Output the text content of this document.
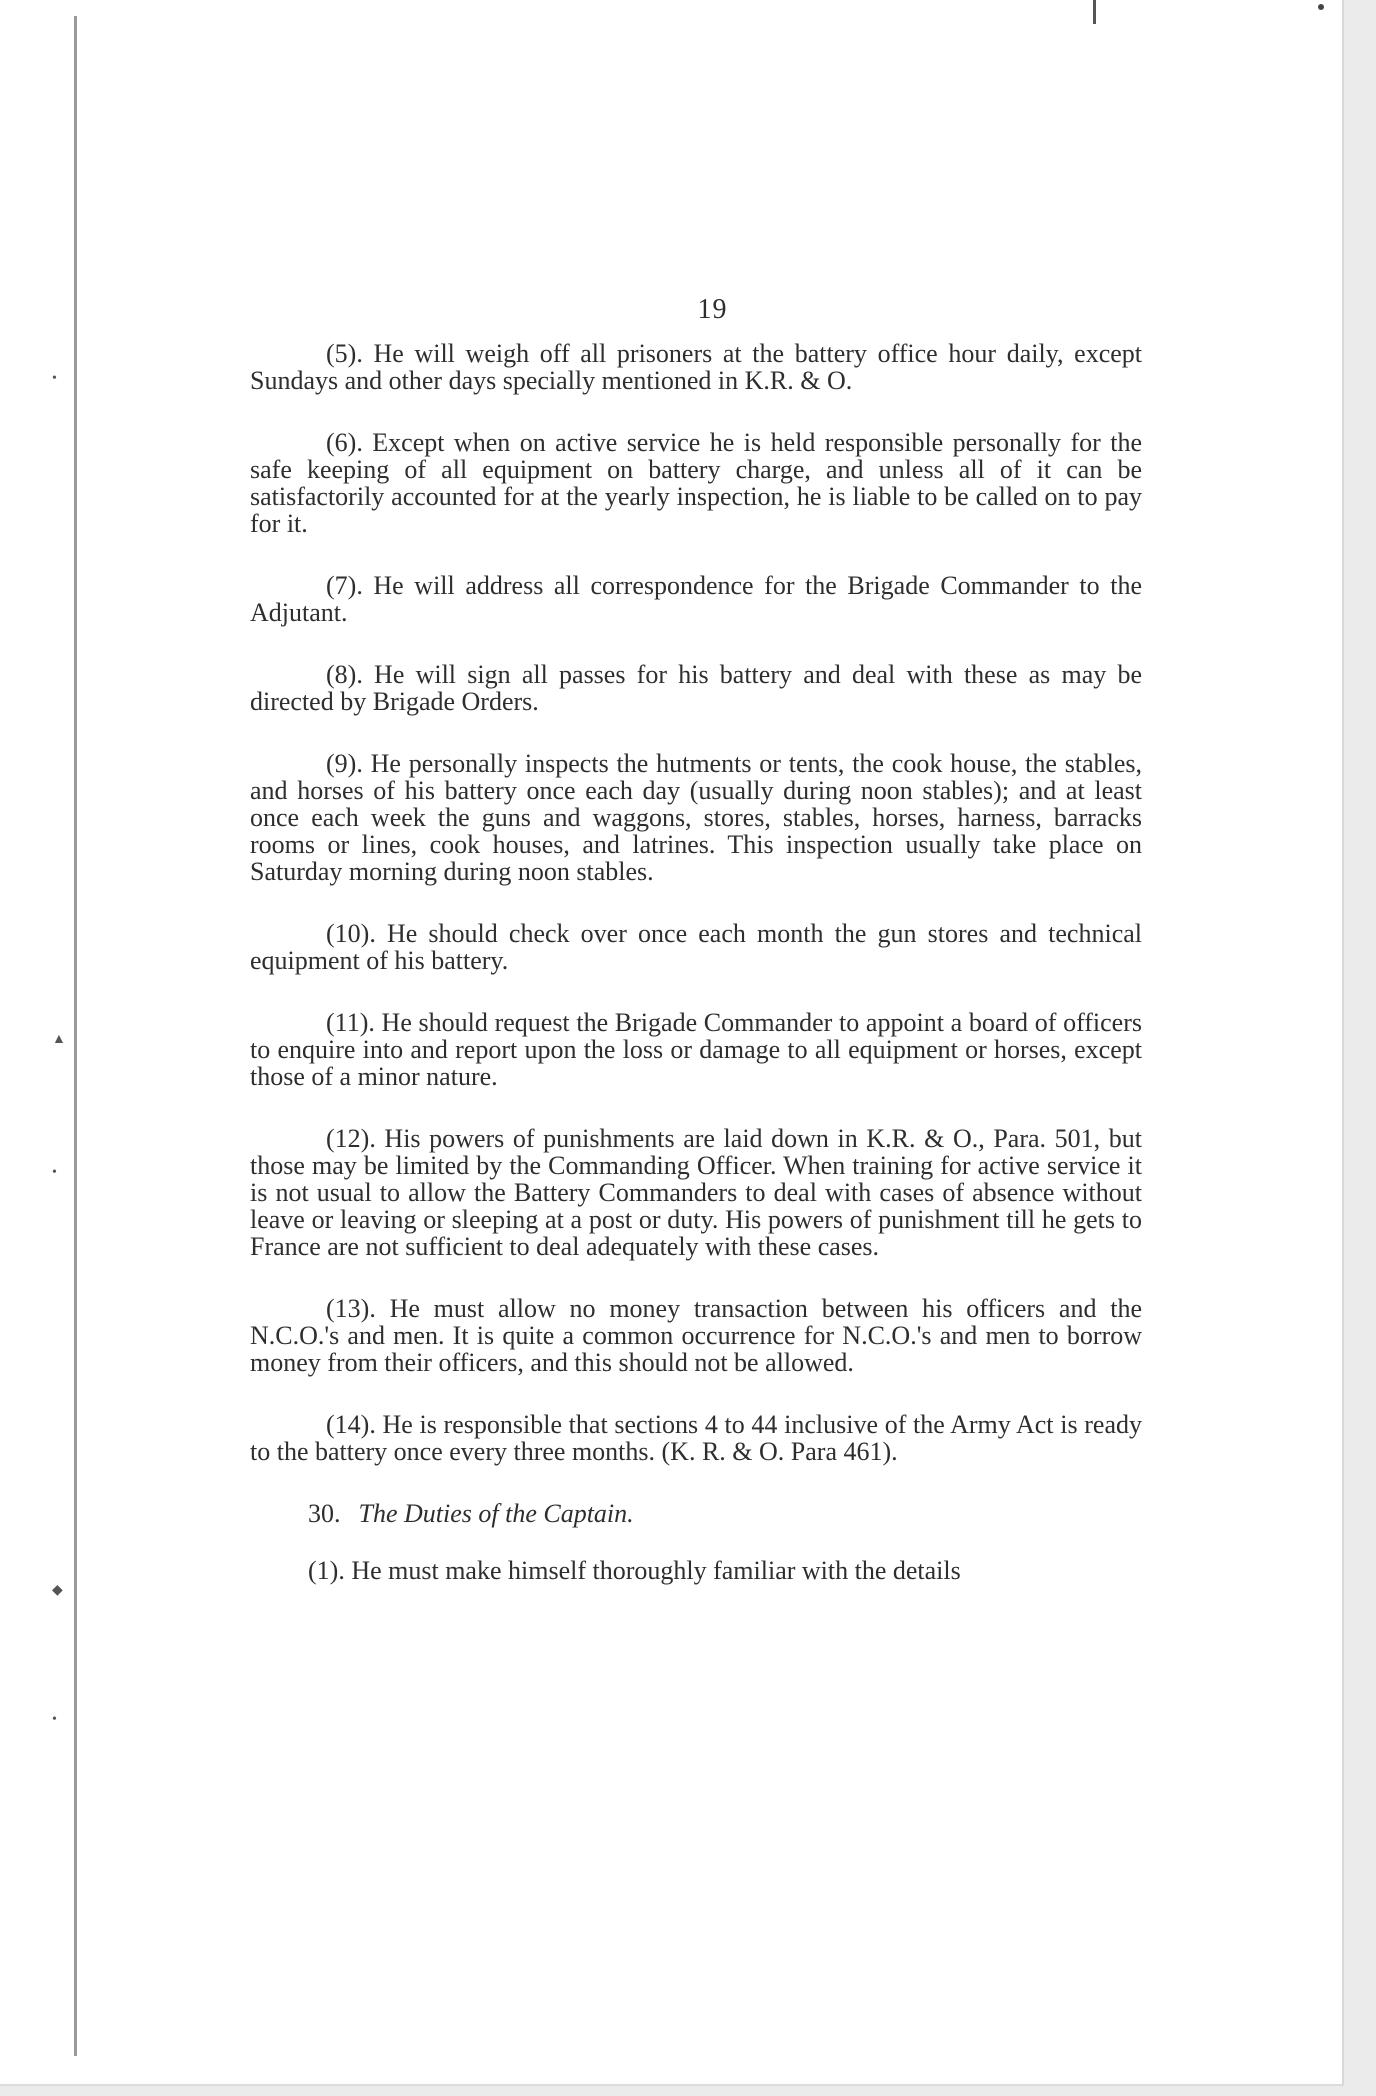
•
▲
•
◆
•
19

(5). He will weigh off all prisoners at the battery office hour daily, except Sundays and other days specially mentioned in K.R. & O.

(6). Except when on active service he is held responsible personally for the safe keeping of all equipment on battery charge, and unless all of it can be satisfactorily accounted for at the yearly inspection, he is liable to be called on to pay for it.

(7). He will address all correspondence for the Brigade Commander to the Adjutant.

(8). He will sign all passes for his battery and deal with these as may be directed by Brigade Orders.

(9). He personally inspects the hutments or tents, the cook house, the stables, and horses of his battery once each day (usually during noon stables); and at least once each week the guns and waggons, stores, stables, horses, harness, barracks rooms or lines, cook houses, and latrines. This inspection usually take place on Saturday morning during noon stables.

(10). He should check over once each month the gun stores and technical equipment of his battery.

(11). He should request the Brigade Commander to appoint a board of officers to enquire into and report upon the loss or damage to all equipment or horses, except those of a minor nature.

(12). His powers of punishments are laid down in K.R. & O., Para. 501, but those may be limited by the Commanding Officer. When training for active service it is not usual to allow the Battery Commanders to deal with cases of absence without leave or leaving or sleeping at a post or duty. His powers of punishment till he gets to France are not sufficient to deal adequately with these cases.

(13). He must allow no money transaction between his officers and the N.C.O.'s and men. It is quite a common occurrence for N.C.O.'s and men to borrow money from their officers, and this should not be allowed.

(14). He is responsible that sections 4 to 44 inclusive of the Army Act is ready to the battery once every three months. (K. R. & O. Para 461).

30. The Duties of the Captain.

(1). He must make himself thoroughly familiar with the details
